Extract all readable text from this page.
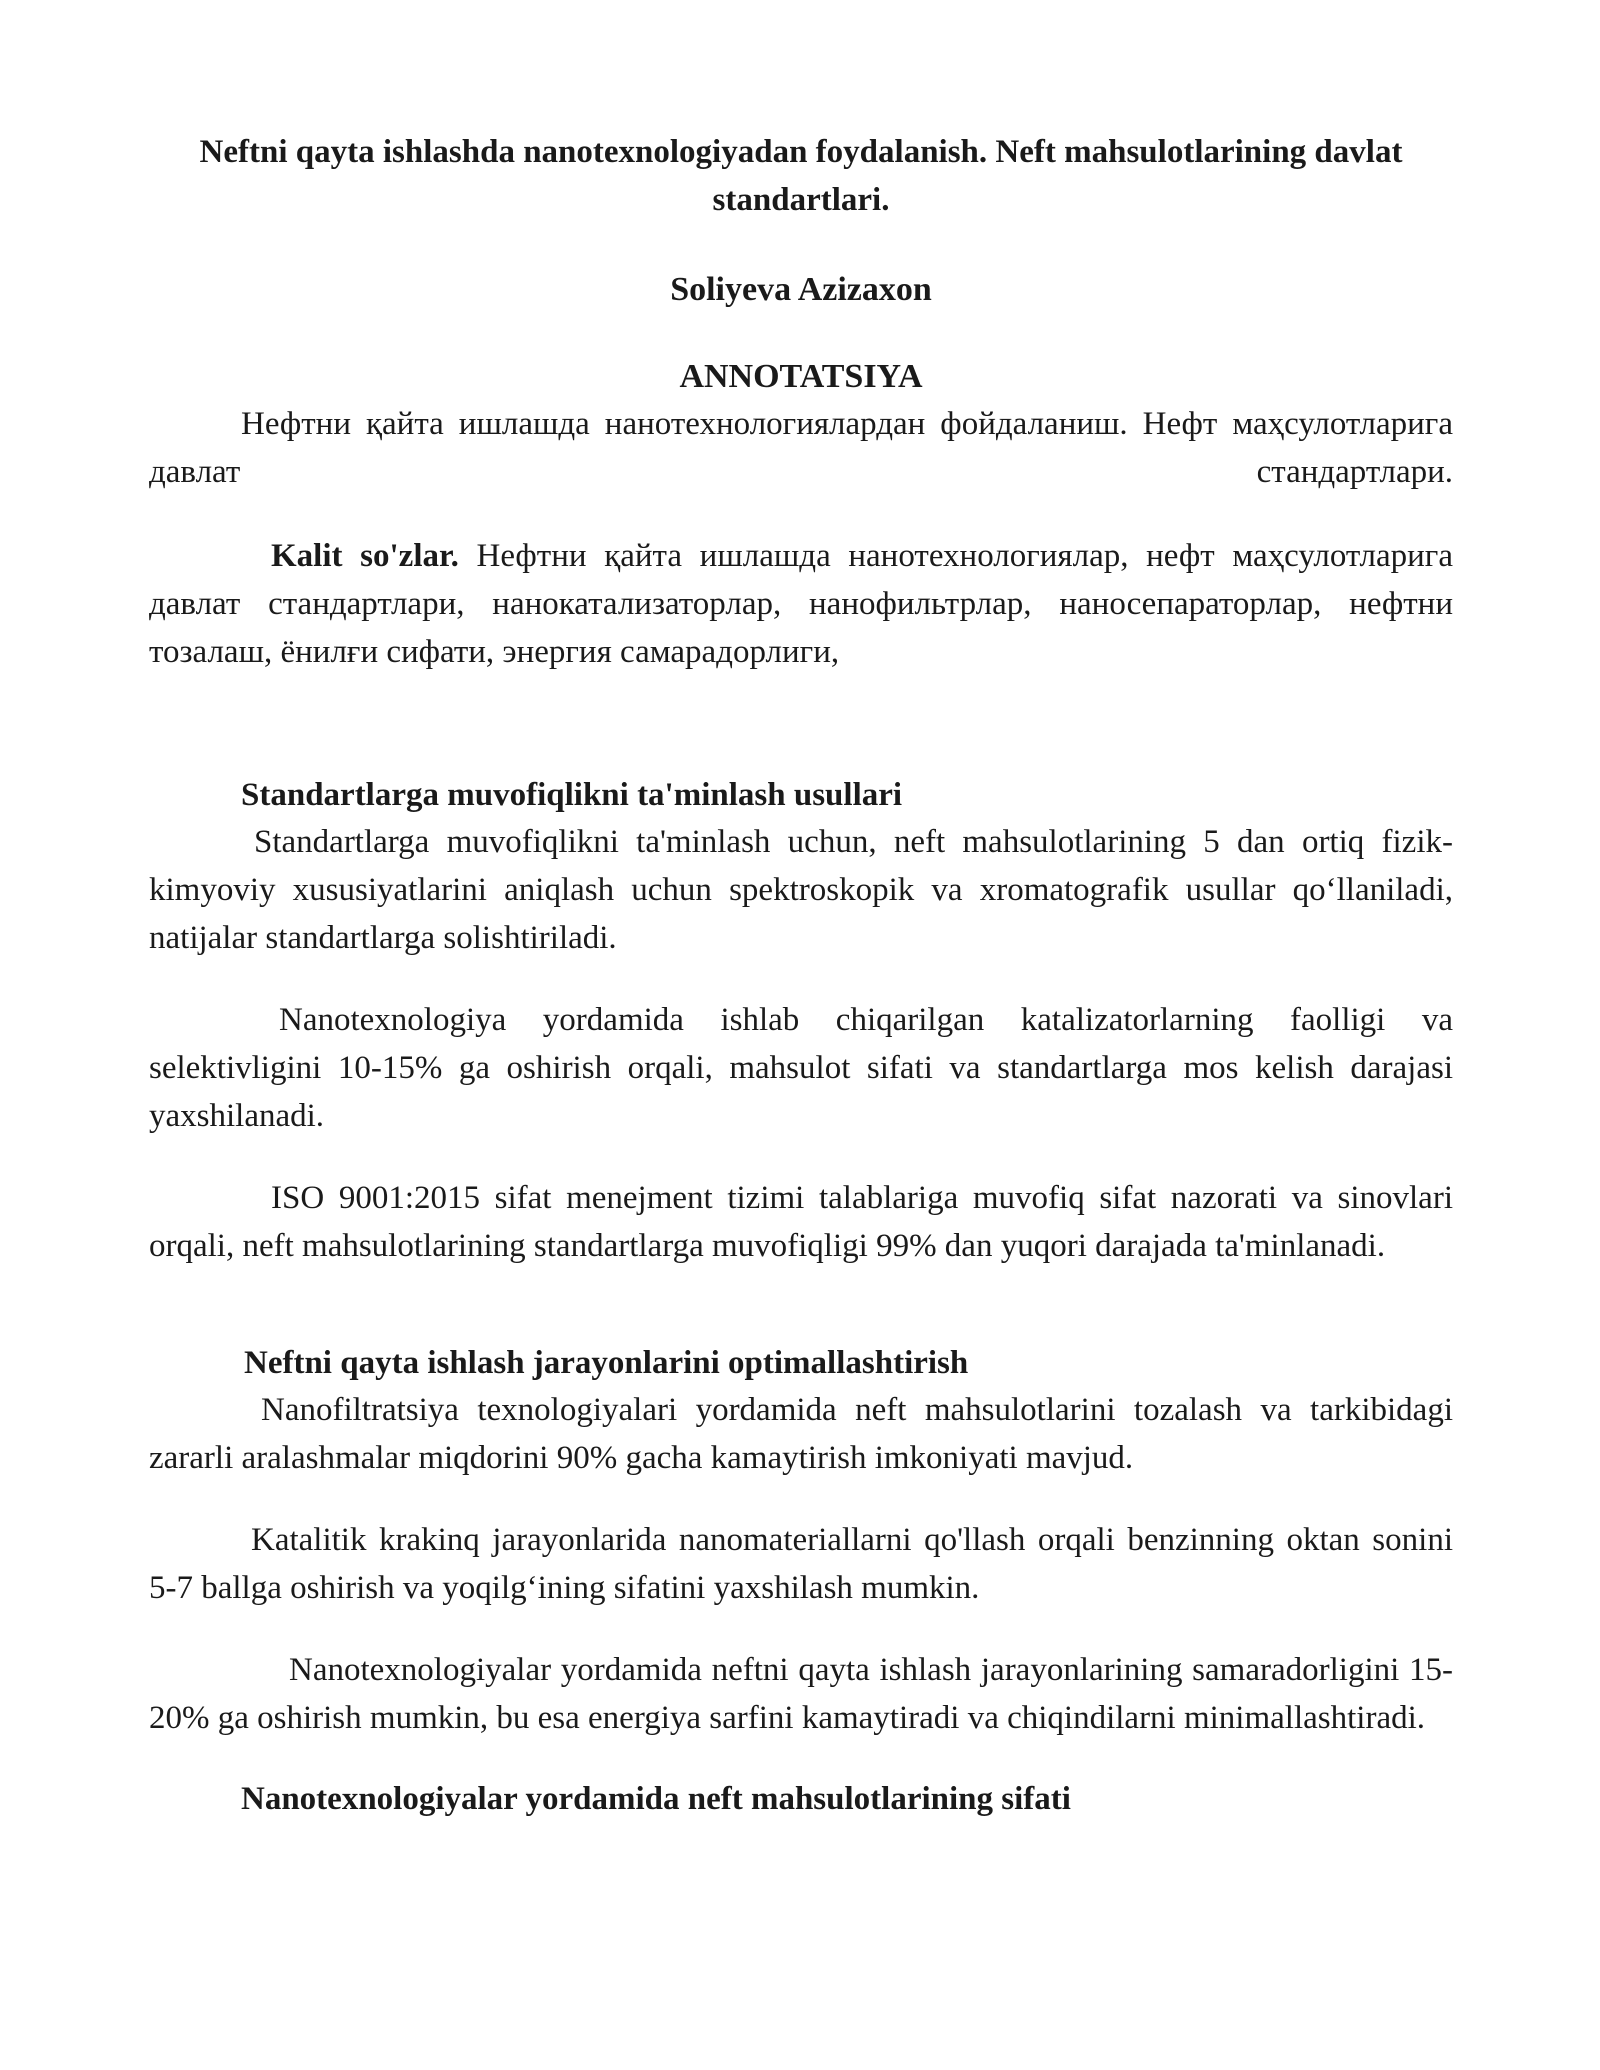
Neftni qayta ishlashda nanotexnologiyadan foydalanish. Neft mahsulotlarining davlat standartlari.
Soliyeva Azizaxon
ANNOTATSIYA

Нефтни қайта ишлашда нанотехнологиялардан фойдаланиш. Нефт маҳсулотларига давлат стандартлари.

Kalit so'zlar. Нефтни қайта ишлашда нанотехнологиялар, нефт маҳсулотларига давлат стандартлари, нанокатализаторлар, нанофильтрлар, наносепараторлар, нефтни тозалаш, ёнилғи сифати, энергия самарадорлиги,

Standartlarga muvofiqlikni ta'minlash usullari

Standartlarga muvofiqlikni ta'minlash uchun, neft mahsulotlarining 5 dan ortiq fizik-kimyoviy xususiyatlarini aniqlash uchun spektroskopik va xromatografik usullar qo‘llaniladi, natijalar standartlarga solishtiriladi.

Nanotexnologiya yordamida ishlab chiqarilgan katalizatorlarning faolligi va selektivligini 10-15% ga oshirish orqali, mahsulot sifati va standartlarga mos kelish darajasi yaxshilanadi.

ISO 9001:2015 sifat menejment tizimi talablariga muvofiq sifat nazorati va sinovlari orqali, neft mahsulotlarining standartlarga muvofiqligi 99% dan yuqori darajada ta'minlanadi.

Neftni qayta ishlash jarayonlarini optimallashtirish

Nanofiltratsiya texnologiyalari yordamida neft mahsulotlarini tozalash va tarkibidagi zararli aralashmalar miqdorini 90% gacha kamaytirish imkoniyati mavjud.

Katalitik krakinq jarayonlarida nanomateriallarni qo'llash orqali benzinning oktan sonini 5-7 ballga oshirish va yoqilg‘ining sifatini yaxshilash mumkin.

Nanotexnologiyalar yordamida neftni qayta ishlash jarayonlarining samaradorligini 15-20% ga oshirish mumkin, bu esa energiya sarfini kamaytiradi va chiqindilarni minimallashtiradi.

Nanotexnologiyalar yordamida neft mahsulotlarining sifati
